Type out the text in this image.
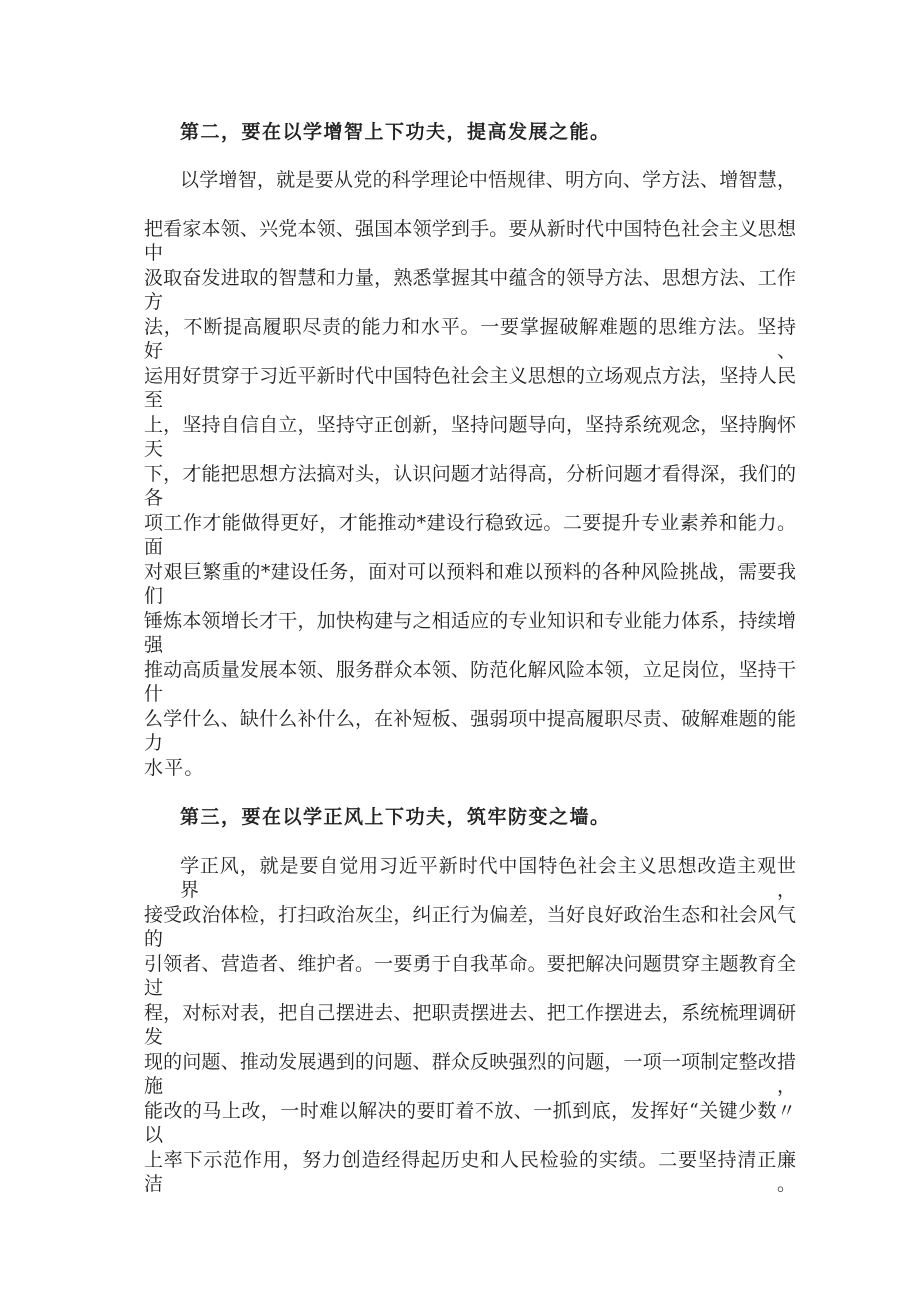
第二，要在以学增智上下功夫，提高发展之能。
以学增智，就是要从党的科学理论中悟规律、明方向、学方法、增智慧，
把看家本领、兴党本领、强国本领学到手。要从新时代中国特色社会主义思想中
汲取奋发进取的智慧和力量，熟悉掌握其中蕴含的领导方法、思想方法、工作方
法，不断提高履职尽责的能力和水平。一要掌握破解难题的思维方法。坚持好、
运用好贯穿于习近平新时代中国特色社会主义思想的立场观点方法，坚持人民至
上，坚持自信自立，坚持守正创新，坚持问题导向，坚持系统观念，坚持胸怀天
下，才能把思想方法搞对头，认识问题才站得高，分析问题才看得深，我们的各
项工作才能做得更好，才能推动*建设行稳致远。二要提升专业素养和能力。面
对艰巨繁重的*建设任务，面对可以预料和难以预料的各种风险挑战，需要我们
锤炼本领增长才干，加快构建与之相适应的专业知识和专业能力体系，持续增强
推动高质量发展本领、服务群众本领、防范化解风险本领，立足岗位，坚持干什
么学什么、缺什么补什么，在补短板、强弱项中提高履职尽责、破解难题的能力
水平。
第三，要在以学正风上下功夫，筑牢防变之墙。
学正风，就是要自觉用习近平新时代中国特色社会主义思想改造主观世界，
接受政治体检，打扫政治灰尘，纠正行为偏差，当好良好政治生态和社会风气的
引领者、营造者、维护者。一要勇于自我革命。要把解决问题贯穿主题教育全过
程，对标对表，把自己摆进去、把职责摆进去、把工作摆进去，系统梳理调研发
现的问题、推动发展遇到的问题、群众反映强烈的问题，一项一项制定整改措施，
能改的马上改，一时难以解决的要盯着不放、一抓到底，发挥好“关键少数〃以
上率下示范作用，努力创造经得起历史和人民检验的实绩。二要坚持清正廉洁。
